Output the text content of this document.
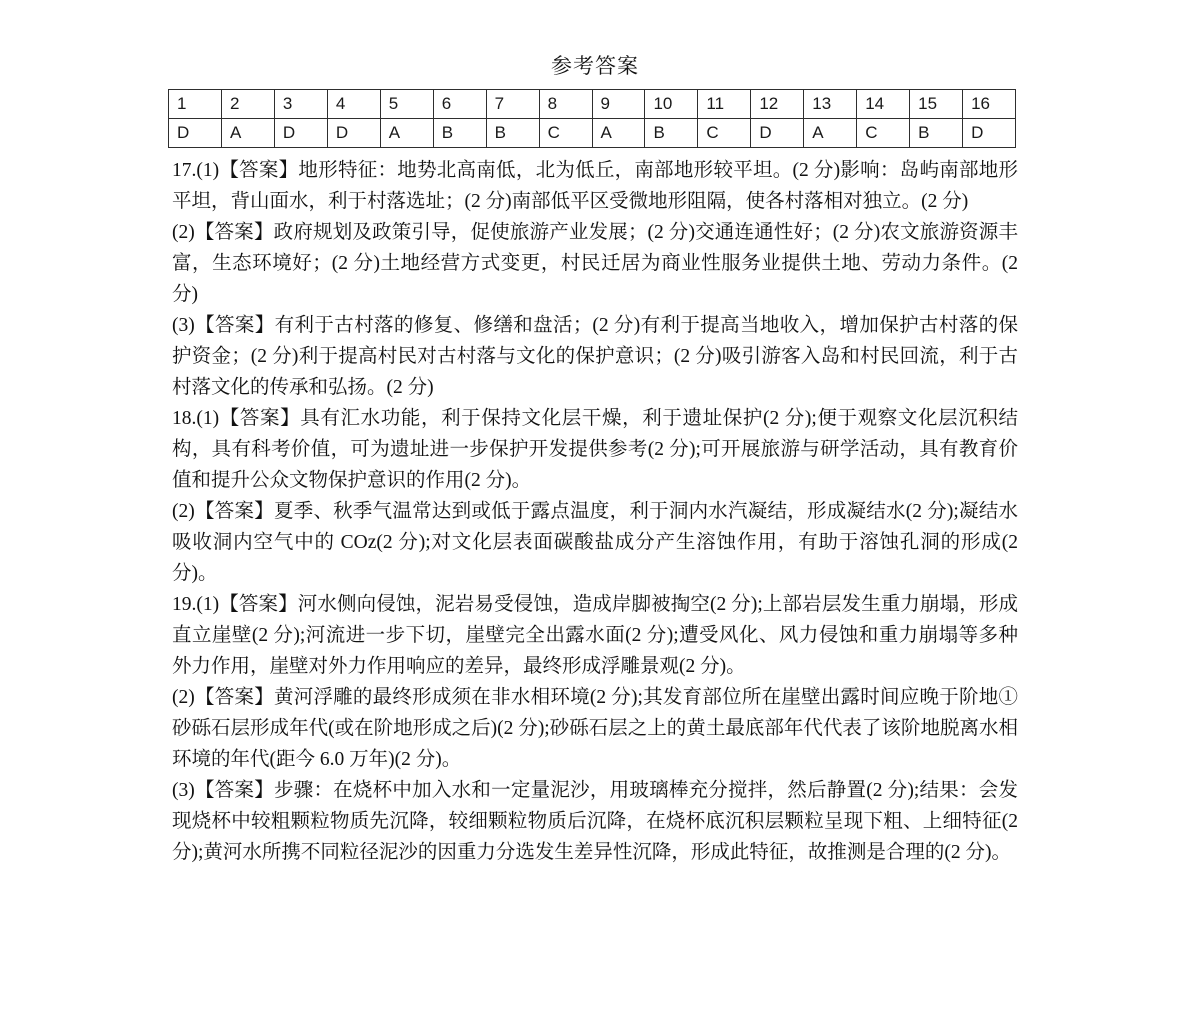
参考答案
1	2	3	4	5	6	7	8	9	10	11	12	13	14	15	16
D	A	D	D	A	B	B	C	A	B	C	D	A	C	B	D

17.(1)【答案】地形特征：地势北高南低，北为低丘，南部地形较平坦。(2 分)影响：岛屿南部地形平坦，背山面水，利于村落选址；(2 分)南部低平区受微地形阻隔，使各村落相对独立。(2 分)

(2)【答案】政府规划及政策引导，促使旅游产业发展；(2 分)交通连通性好；(2 分)农文旅游资源丰富，生态环境好；(2 分)土地经营方式变更，村民迁居为商业性服务业提供土地、劳动力条件。(2 分)

(3)【答案】有利于古村落的修复、修缮和盘活；(2 分)有利于提高当地收入，增加保护古村落的保护资金；(2 分)利于提高村民对古村落与文化的保护意识；(2 分)吸引游客入岛和村民回流，利于古村落文化的传承和弘扬。(2 分)

18.(1)【答案】具有汇水功能，利于保持文化层干燥，利于遗址保护(2 分);便于观察文化层沉积结构，具有科考价值，可为遗址进一步保护开发提供参考(2 分);可开展旅游与研学活动，具有教育价值和提升公众文物保护意识的作用(2 分)。

(2)【答案】夏季、秋季气温常达到或低于露点温度，利于洞内水汽凝结，形成凝结水(2 分);凝结水吸收洞内空气中的 COz(2 分);对文化层表面碳酸盐成分产生溶蚀作用，有助于溶蚀孔洞的形成(2 分)。

19.(1)【答案】河水侧向侵蚀，泥岩易受侵蚀，造成岸脚被掏空(2 分);上部岩层发生重力崩塌，形成直立崖壁(2 分);河流进一步下切，崖壁完全出露水面(2 分);遭受风化、风力侵蚀和重力崩塌等多种外力作用，崖壁对外力作用响应的差异，最终形成浮雕景观(2 分)。

(2)【答案】黄河浮雕的最终形成须在非水相环境(2 分);其发育部位所在崖壁出露时间应晚于阶地①砂砾石层形成年代(或在阶地形成之后)(2 分);砂砾石层之上的黄土最底部年代代表了该阶地脱离水相环境的年代(距今 6.0 万年)(2 分)。

(3)【答案】步骤：在烧杯中加入水和一定量泥沙，用玻璃棒充分搅拌，然后静置(2 分);结果：会发现烧杯中较粗颗粒物质先沉降，较细颗粒物质后沉降，在烧杯底沉积层颗粒呈现下粗、上细特征(2 分);黄河水所携不同粒径泥沙的因重力分选发生差异性沉降，形成此特征，故推测是合理的(2 分)。
